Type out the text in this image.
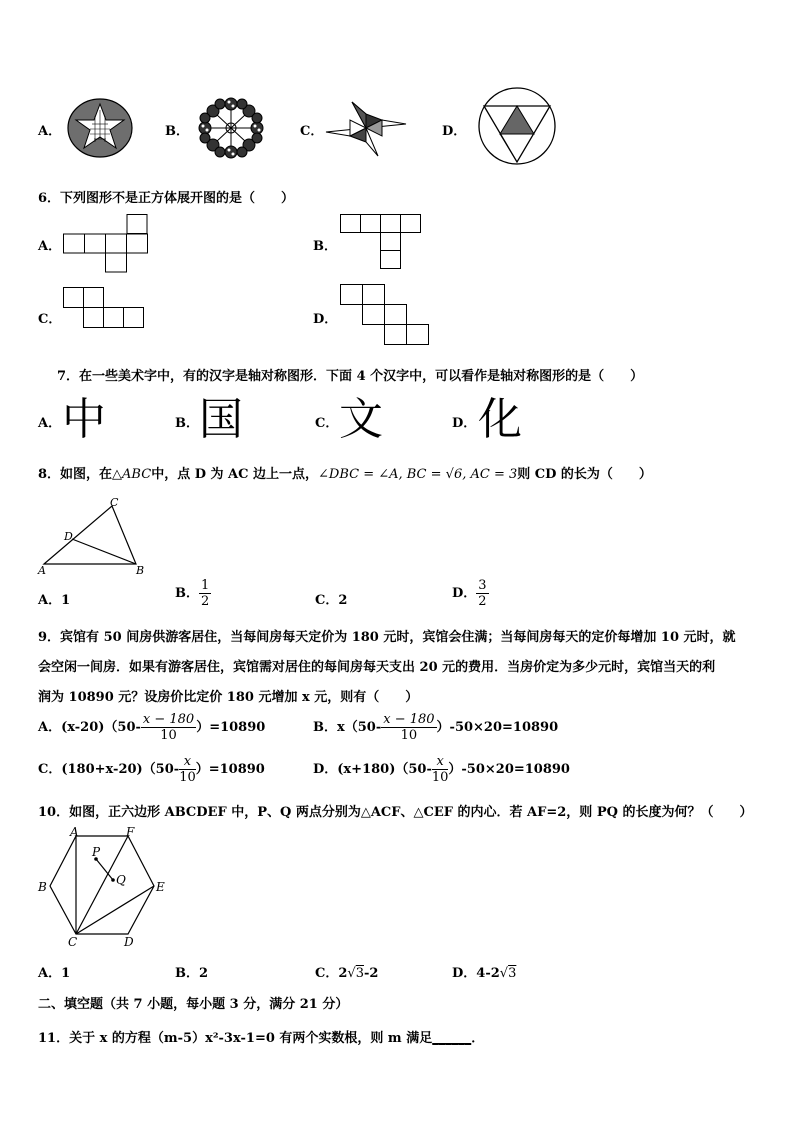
A．	B．	C．	D．
6．下列图形不是正方体展开图的是（　　）
A．	B．
C．	D．
7．在一些美术字中，有的汉字是轴对称图形．下面 4 个汉字中，可以看作是轴对称图形的是（　　）
A． 中	B． 国	C． 文	D． 化
8．如图，在△ABC中，点 D 为 AC 边上一点，∠DBC = ∠A, BC = √6, AC = 3则 CD 的长为（　　）
C
D
A	B
A．1	B． $\frac{1}{2}$	C．2	D． $\frac{3}{2}$
9．宾馆有 50 间房供游客居住，当每间房每天定价为 180 元时，宾馆会住满；当每间房每天的定价每增加 10 元时，就
会空闲一间房．如果有游客居住，宾馆需对居住的每间房每天支出 20 元的费用．当房价定为多少元时，宾馆当天的利
润为 10890 元？设房价比定价 180 元增加 x 元，则有（　　）
A．$(x-20)(50- \frac{x - 180}{10} )=10890$	B．$x(50- \frac{x - 180}{10} )-50\times 20=10890$
C．$(180+x-20)(50- \frac{x}{10} )=10890$	D．$(x+180)(50- \frac{x}{10} )-50\times 20=10890$
10．如图，正六边形 ABCDEF 中，P、Q 两点分别为△ACF、△CEF 的内心．若 AF=2，则 PQ 的长度为何？（　　）
A	F
B	E
C	D
P
Q
A．1	B．2	C．2√3-2	D．4-2√3
二、填空题（共 7 小题，每小题 3 分，满分 21 分）
11．关于 x 的方程（m-5）x²-3x-1=0 有两个实数根，则 m 满足______．
